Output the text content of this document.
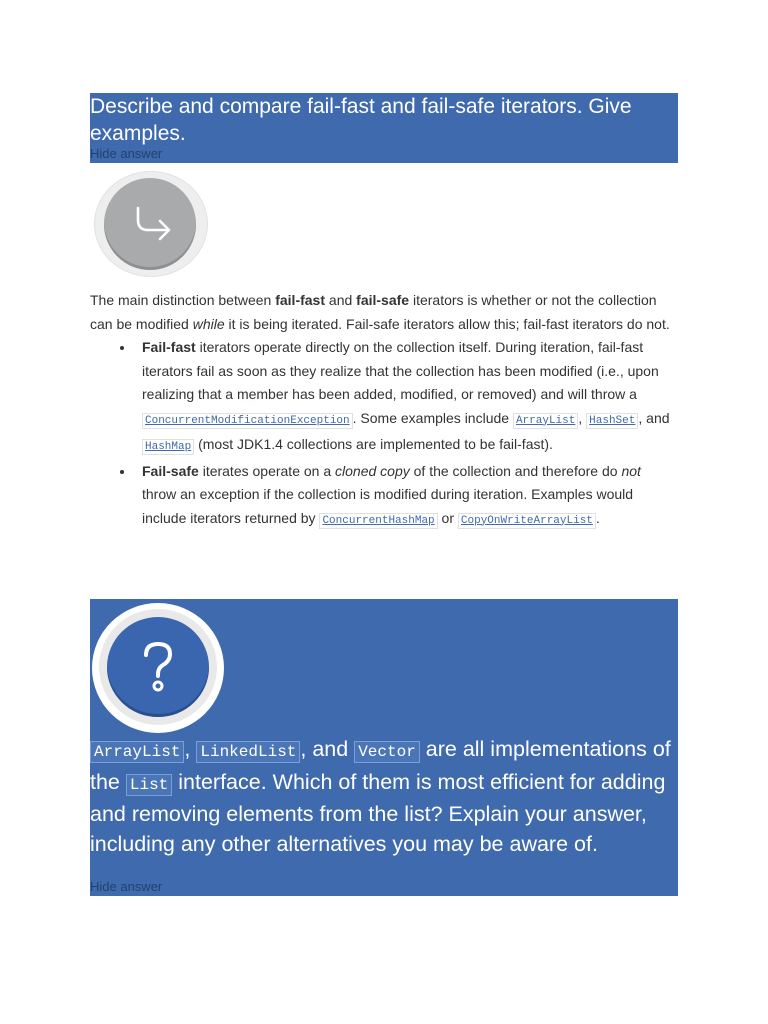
Describe and compare fail-fast and fail-safe iterators. Give examples.
Hide answer

The main distinction between fail-fast and fail-safe iterators is whether or not the collection can be modified while it is being iterated. Fail-safe iterators allow this; fail-fast iterators do not.

• Fail-fast iterators operate directly on the collection itself. During iteration, fail-fast iterators fail as soon as they realize that the collection has been modified (i.e., upon realizing that a member has been added, modified, or removed) and will throw a ConcurrentModificationException . Some examples include ArrayList , HashSet , and HashMap (most JDK1.4 collections are implemented to be fail-fast).
• Fail-safe iterates operate on a cloned copy of the collection and therefore do not throw an exception if the collection is modified during iteration. Examples would include iterators returned by ConcurrentHashMap or CopyOnWriteArrayList .
ArrayList , LinkedList , and Vector are all implementations of the List interface. Which of them is most efficient for adding and removing elements from the list? Explain your answer, including any other alternatives you may be aware of.
Hide answer
